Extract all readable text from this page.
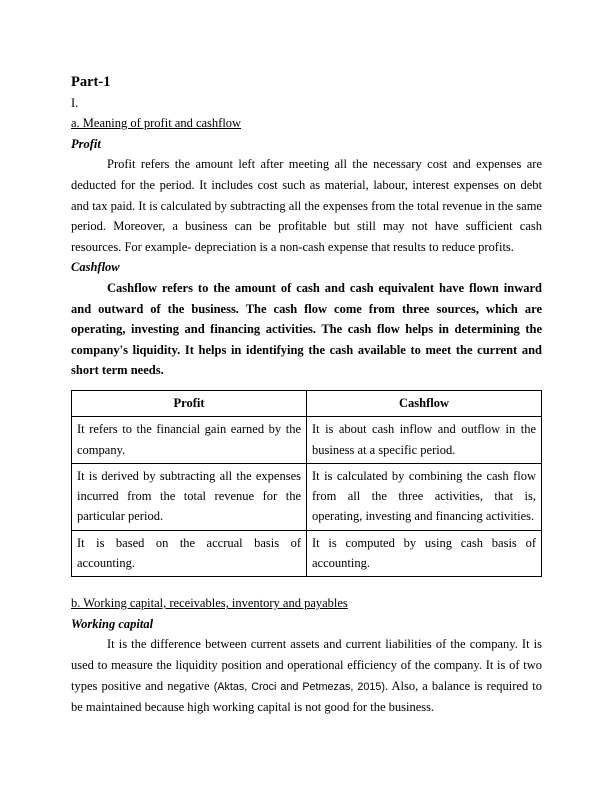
Part-1
I.
a. Meaning of profit and cashflow
Profit

Profit refers the amount left after meeting all the necessary cost and expenses are deducted for the period. It includes cost such as material, labour, interest expenses on debt and tax paid. It is calculated by subtracting all the expenses from the total revenue in the same period. Moreover, a business can be profitable but still may not have sufficient cash resources. For example- depreciation is a non-cash expense that results to reduce profits.

Cashflow

Cashflow refers to the amount of cash and cash equivalent have flown inward and outward of the business. The cash flow come from three sources, which are operating, investing and financing activities. The cash flow helps in determining the company's liquidity. It helps in identifying the cash available to meet the current and short term needs.

Profit	Cashflow
It refers to the financial gain earned by the company.	It is about cash inflow and outflow in the business at a specific period.
It is derived by subtracting all the expenses incurred from the total revenue for the particular period.	It is calculated by combining the cash flow from all the three activities, that is, operating, investing and financing activities.
It is based on the accrual basis of accounting.	It is computed by using cash basis of accounting.
b. Working capital, receivables, inventory and payables
Working capital

It is the difference between current assets and current liabilities of the company. It is used to measure the liquidity position and operational efficiency of the company. It is of two types positive and negative (Aktas, Croci and Petmezas, 2015). Also, a balance is required to be maintained because high working capital is not good for the business.
